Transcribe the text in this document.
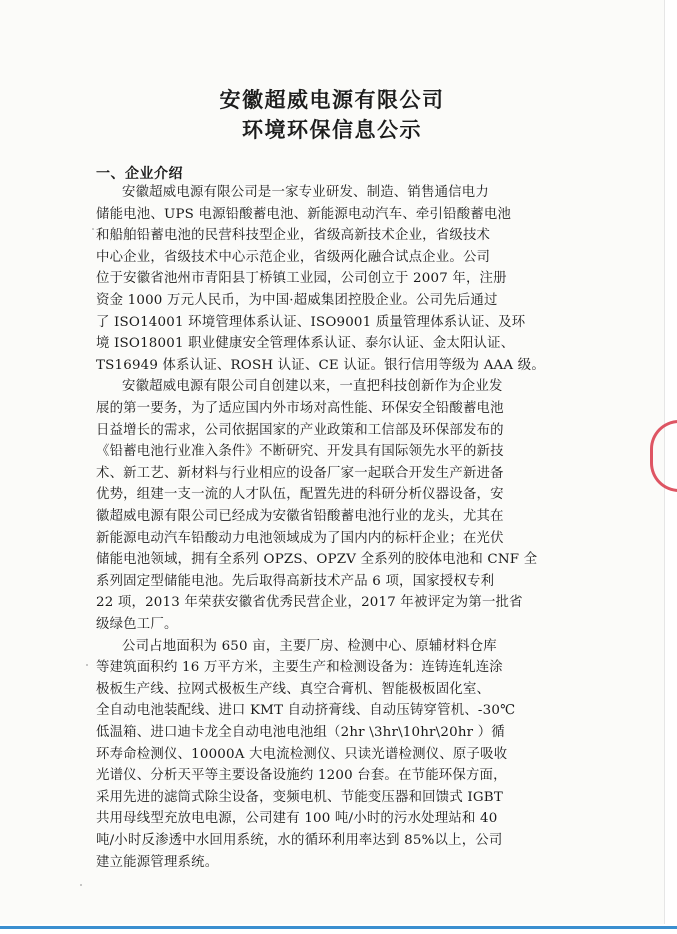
安徽超威电源有限公司
环境环保信息公示
一、企业介绍
安徽超威电源有限公司是一家专业研发、制造、销售通信电力
储能电池、UPS 电源铅酸蓄电池、新能源电动汽车、牵引铅酸蓄电池
和船舶铅蓄电池的民营科技型企业，省级高新技术企业，省级技术
中心企业，省级技术中心示范企业，省级两化融合试点企业。公司
位于安徽省池州市青阳县丁桥镇工业园，公司创立于 2007 年，注册
资金 1000 万元人民币，为中国·超威集团控股企业。公司先后通过
了 ISO14001 环境管理体系认证、ISO9001 质量管理体系认证、及环
境 ISO18001 职业健康安全管理体系认证、泰尔认证、金太阳认证、
TS16949 体系认证、ROSH 认证、CE 认证。银行信用等级为 AAA 级。
安徽超威电源有限公司自创建以来，一直把科技创新作为企业发
展的第一要务，为了适应国内外市场对高性能、环保安全铅酸蓄电池
日益增长的需求，公司依据国家的产业政策和工信部及环保部发布的
《铅蓄电池行业准入条件》不断研究、开发具有国际领先水平的新技
术、新工艺、新材料与行业相应的设备厂家一起联合开发生产新进备
优势，组建一支一流的人才队伍，配置先进的科研分析仪器设备，安
徽超威电源有限公司已经成为安徽省铅酸蓄电池行业的龙头，尤其在
新能源电动汽车铅酸动力电池领域成为了国内内的标杆企业；在光伏
储能电池领域，拥有全系列 OPZS、OPZV 全系列的胶体电池和 CNF 全
系列固定型储能电池。先后取得高新技术产品 6 项，国家授权专利
22 项，2013 年荣获安徽省优秀民营企业，2017 年被评定为第一批省
级绿色工厂。
公司占地面积为 650 亩，主要厂房、检测中心、原辅材料仓库
等建筑面积约 16 万平方米，主要生产和检测设备为：连铸连轧连涂
极板生产线、拉网式极板生产线、真空合膏机、智能极板固化室、
全自动电池装配线、进口 KMT 自动挤膏线、自动压铸穿管机、-30℃
低温箱、进口迪卡龙全自动电池电池组（2hr \3hr\10hr\20hr ）循
环寿命检测仪、10000A 大电流检测仪、只读光谱检测仪、原子吸收
光谱仪、分析天平等主要设备设施约 1200 台套。在节能环保方面，
采用先进的滤筒式除尘设备，变频电机、节能变压器和回馈式 IGBT
共用母线型充放电电源，公司建有 100 吨/小时的污水处理站和 40
吨/小时反渗透中水回用系统，水的循环利用率达到 85%以上，公司
建立能源管理系统。
